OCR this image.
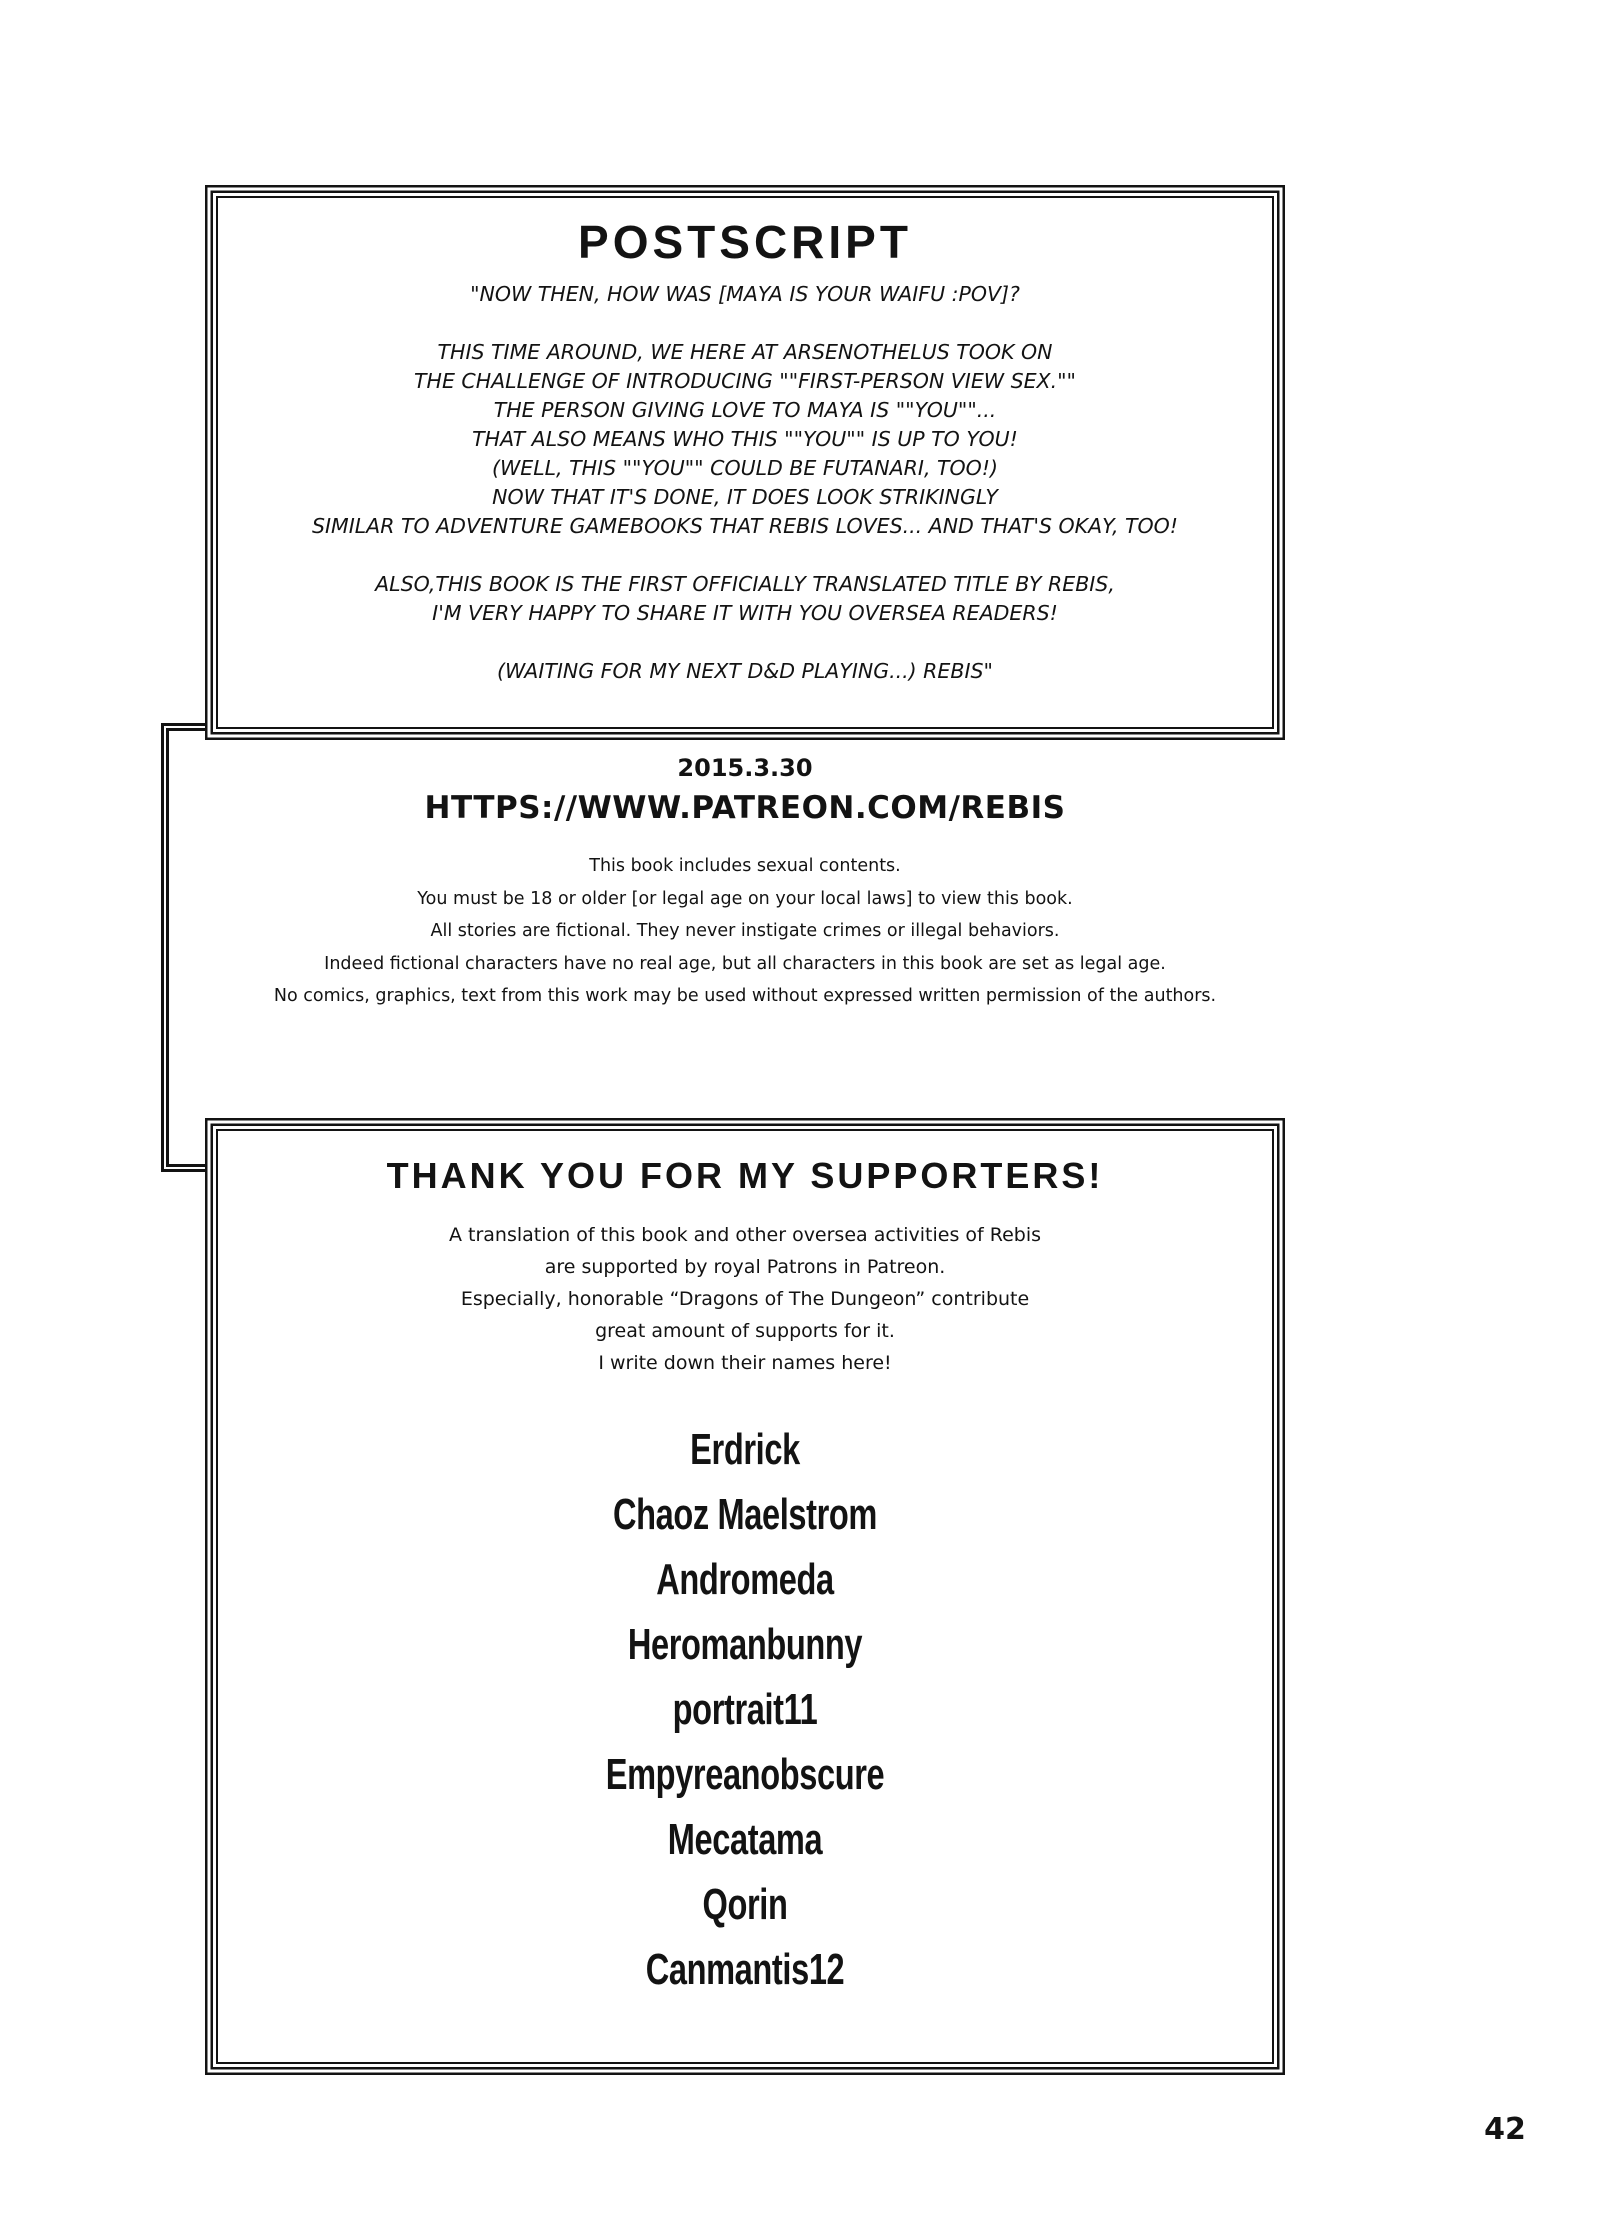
POSTSCRIPT
"NOW THEN, HOW WAS [MAYA IS YOUR WAIFU :POV]?

THIS TIME AROUND, WE HERE AT ARSENOTHELUS TOOK ON
THE CHALLENGE OF INTRODUCING ""FIRST-PERSON VIEW SEX.""
THE PERSON GIVING LOVE TO MAYA IS ""YOU""...
THAT ALSO MEANS WHO THIS ""YOU"" IS UP TO YOU!
(WELL, THIS ""YOU"" COULD BE FUTANARI, TOO!)
NOW THAT IT'S DONE, IT DOES LOOK STRIKINGLY
SIMILAR TO ADVENTURE GAMEBOOKS THAT REBIS LOVES... AND THAT'S OKAY, TOO!

ALSO,THIS BOOK IS THE FIRST OFFICIALLY TRANSLATED TITLE BY REBIS,
I'M VERY HAPPY TO SHARE IT WITH YOU OVERSEA READERS!

(WAITING FOR MY NEXT D&D PLAYING...) REBIS"
2015.3.30
HTTPS://WWW.PATREON.COM/REBIS
This book includes sexual contents.
You must be 18 or older [or legal age on your local laws] to view this book.
All stories are fictional. They never instigate crimes or illegal behaviors.
Indeed fictional characters have no real age, but all characters in this book are set as legal age.
No comics, graphics, text from this work may be used without expressed written permission of the authors.
THANK YOU FOR MY SUPPORTERS!
A translation of this book and other oversea activities of Rebis
are supported by royal Patrons in Patreon.
Especially, honorable “Dragons of The Dungeon” contribute
great amount of supports for it.
I write down their names here!
Erdrick
Chaoz Maelstrom
Andromeda
Heromanbunny
portrait11
Empyreanobscure
Mecatama
Qorin
Canmantis12
42
